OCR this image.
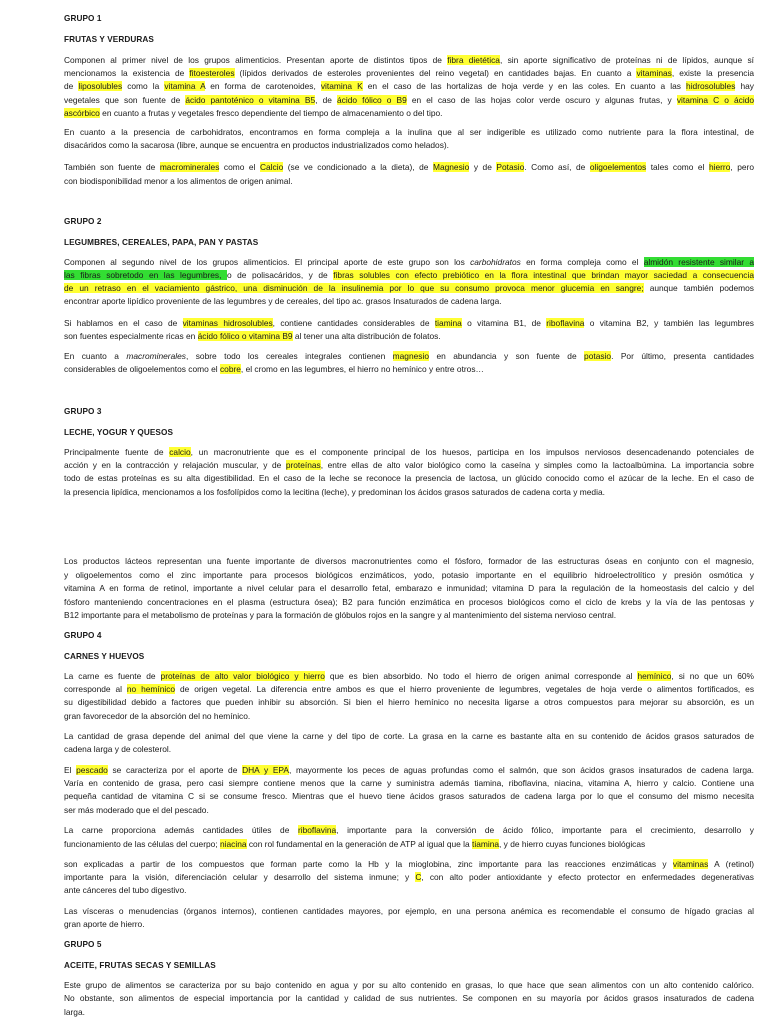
GRUPO 1
FRUTAS Y VERDURAS
Componen al primer nivel de los grupos alimenticios. Presentan aporte de distintos tipos de fibra dietética, sin aporte significativo de proteínas ni de lípidos, aunque sí
mencionamos la existencia de fitoesteroles (lípidos derivados de esteroles provenientes del reino vegetal) en cantidades bajas. En cuanto a vitaminas, existe la presencia
de liposolubles como la vitamina A en forma de carotenoides, vitamina K en el caso de las hortalizas de hoja verde y en las coles. En cuanto a las hidrosolubles hay
vegetales que son fuente de ácido pantoténico o vitamina B5, de ácido fólico o B9 en el caso de las hojas color verde oscuro y algunas frutas, y vitamina C o ácido
ascórbico en cuanto a frutas y vegetales fresco dependiente del tiempo de almacenamiento o del tipo.
En cuanto a la presencia de carbohidratos, encontramos en forma compleja a la inulina que al ser indigerible es utilizado como nutriente para la flora intestinal, de
disacáridos como la sacarosa (libre, aunque se encuentra en productos industrializados como helados).
También son fuente de macrominerales como el Calcio (se ve condicionado a la dieta), de Magnesio y de Potasio. Como así, de oligoelementos tales como el hierro, pero
con biodisponibilidad menor a los alimentos de origen animal.
GRUPO 2
LEGUMBRES, CEREALES, PAPA, PAN Y PASTAS
Componen al segundo nivel de los grupos alimenticios. El principal aporte de este grupo son los carbohidratos en forma compleja como el almidón resistente similar a
las fibras sobretodo en las legumbres, o de polisacáridos, y de fibras solubles con efecto prebiótico en la flora intestinal que brindan mayor saciedad a consecuencia
de un retraso en el vaciamiento gástrico, una disminución de la insulinemia por lo que su consumo provoca menor glucemia en sangre; aunque también podemos
encontrar aporte lipídico proveniente de las legumbres y de cereales, del tipo ac. grasos Insaturados de cadena larga.
Si hablamos en el caso de vitaminas hidrosolubles, contiene cantidades considerables de tiamina o vitamina B1, de riboflavina o vitamina B2, y también las legumbres
son fuentes especialmente ricas en ácido fólico o vitamina B9 al tener una alta distribución de folatos.
En cuanto a macrominerales, sobre todo los cereales integrales contienen magnesio en abundancia y son fuente de potasio. Por último, presenta cantidades
considerables de oligoelementos como el cobre, el cromo en las legumbres, el hierro no hemínico y entre otros…
GRUPO 3
LECHE, YOGUR Y QUESOS
Principalmente fuente de calcio, un macronutriente que es el componente principal de los huesos, participa en los impulsos nerviosos desencadenando potenciales de
acción y en la contracción y relajación muscular, y de proteínas, entre ellas de alto valor biológico como la caseína y simples como la lactoalbúmina. La importancia sobre
todo de estas proteínas es su alta digestibilidad. En el caso de la leche se reconoce la presencia de lactosa, un glúcido conocido como el azúcar de la leche. En el caso de
la presencia lipídica, mencionamos a los fosfolípidos como la lecitina (leche), y predominan los ácidos grasos saturados de cadena corta y media.
Los productos lácteos representan una fuente importante de diversos macronutrientes como el fósforo, formador de las estructuras óseas en conjunto con el magnesio,
y oligoelementos como el zinc importante para procesos biológicos enzimáticos, yodo, potasio importante en el equilibrio hidroelectrolítico y presión osmótica y
vitamina A en forma de retinol, importante a nivel celular para el desarrollo fetal, embarazo e inmunidad; vitamina D para la regulación de la homeostasis del calcio y del
fósforo manteniendo concentraciones en el plasma (estructura ósea); B2 para función enzimática en procesos biológicos como el ciclo de krebs y la vía de las pentosas y
B12 importante para el metabolismo de proteínas y para la formación de glóbulos rojos en la sangre y al mantenimiento del sistema nervioso central.
GRUPO 4
CARNES Y HUEVOS
La carne es fuente de proteínas de alto valor biológico y hierro que es bien absorbido. No todo el hierro de origen animal corresponde al hemínico, si no que un 60%
corresponde al no hemínico de origen vegetal. La diferencia entre ambos es que el hierro proveniente de legumbres, vegetales de hoja verde o alimentos fortificados, es
su digestibilidad debido a factores que pueden inhibir su absorción. Si bien el hierro hemínico no necesita ligarse a otros compuestos para mejorar su absorción, es un
gran favorecedor de la absorción del no hemínico.
La cantidad de grasa depende del animal del que viene la carne y del tipo de corte. La grasa en la carne es bastante alta en su contenido de ácidos grasos saturados de
cadena larga y de colesterol.
El pescado se caracteriza por el aporte de DHA y EPA, mayormente los peces de aguas profundas como el salmón, que son ácidos grasos insaturados de cadena larga.
Varía en contenido de grasa, pero casi siempre contiene menos que la carne y suministra además tiamina, riboflavina, niacina, vitamina A, hierro y calcio. Contiene una
pequeña cantidad de vitamina C si se consume fresco. Mientras que el huevo tiene ácidos grasos saturados de cadena larga por lo que el consumo del mismo necesita
ser más moderado que el del pescado.
La carne proporciona además cantidades útiles de riboflavina, importante para la conversión de ácido fólico, importante para el crecimiento, desarrollo y
funcionamiento de las células del cuerpo; niacina con rol fundamental en la generación de ATP al igual que la tiamina, y de hierro cuyas funciones biológicas
son explicadas a partir de los compuestos que forman parte como la Hb y la mioglobina, zinc importante para las reacciones enzimáticas y vitaminas A (retinol)
importante para la visión, diferenciación celular y desarrollo del sistema inmune; y C, con alto poder antioxidante y efecto protector en enfermedades degenerativas
ante cánceres del tubo digestivo.
Las vísceras o menudencias (órganos internos), contienen cantidades mayores, por ejemplo, en una persona anémica es recomendable el consumo de hígado gracias al
gran aporte de hierro.
GRUPO 5
ACEITE, FRUTAS SECAS Y SEMILLAS
Este grupo de alimentos se caracteriza por su bajo contenido en agua y por su alto contenido en grasas, lo que hace que sean alimentos con un alto contenido calórico.
No obstante, son alimentos de especial importancia por la cantidad y calidad de sus nutrientes. Se componen en su mayoría por ácidos grasos insaturados de cadena
larga.
